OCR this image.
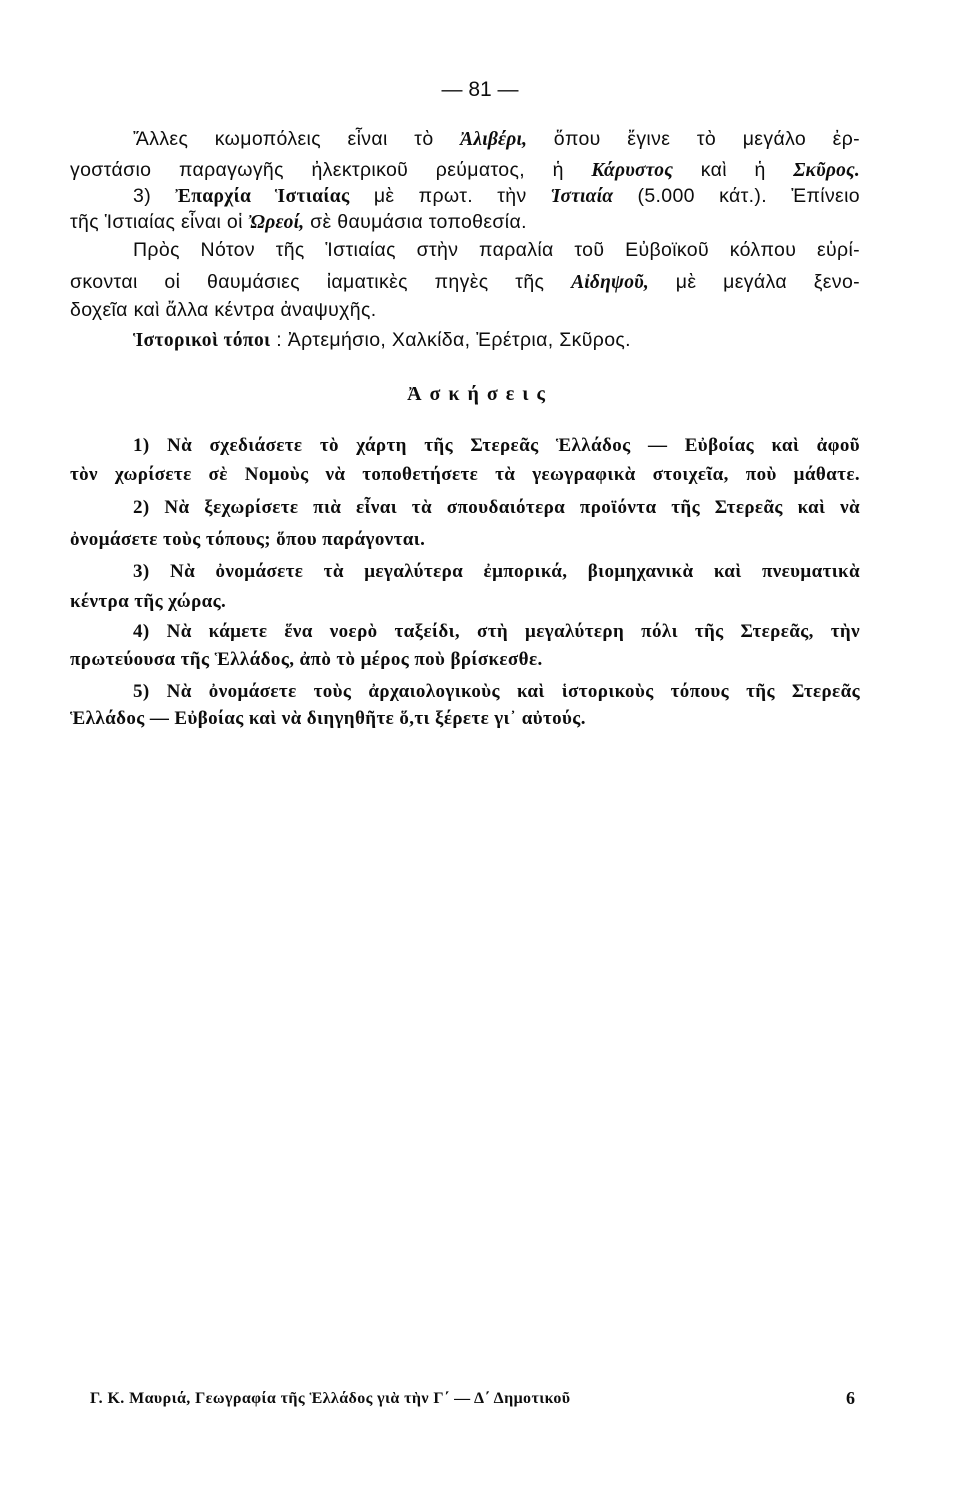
— 81 —
Ἄλλες κωμοπόλεις εἶναι τὸ Ἀλιβέρι, ὅπου ἔγινε τὸ μεγάλο ἐρ-
γοστάσιο παραγωγῆς ἠλεκτρικοῦ ρεύματος, ἡ Κάρυστος καὶ ἡ Σκῦρος.
3) Ἐπαρχία Ἱστιαίας μὲ πρωτ. τὴν Ἱστιαία (5.000 κάτ.). Ἐπίνειο
τῆς Ἱστιαίας εἶναι οἱ Ὠρεοί, σὲ θαυμάσια τοποθεσία.
Πρὸς Νότον τῆς Ἱστιαίας στὴν παραλία τοῦ Εὐβοϊκοῦ κόλπου εὑρί-
σκονται οἱ θαυμάσιες ἰαματικὲς πηγὲς τῆς Αἰδηψοῦ, μὲ μεγάλα ξενο-
δοχεῖα καὶ ἄλλα κέντρα ἀναψυχῆς.
Ἱστορικοὶ τόποι : Ἀρτεμήσιο, Χαλκίδα, Ἐρέτρια, Σκῦρος.
Ἀσκήσεις
1) Νὰ σχεδιάσετε τὸ χάρτη τῆς Στερεᾶς Ἑλλάδος — Εὐβοίας καὶ ἀφοῦ
τὸν χωρίσετε σὲ Νομοὺς νὰ τοποθετήσετε τὰ γεωγραφικὰ στοιχεῖα, ποὺ μάθατε.
2) Νὰ ξεχωρίσετε πιὰ εἶναι τὰ σπουδαιότερα προϊόντα τῆς Στερεᾶς καὶ νὰ
ὀνομάσετε τοὺς τόπους; ὅπου παράγονται.
3) Νὰ ὀνομάσετε τὰ μεγαλύτερα ἐμπορικά, βιομηχανικὰ καὶ πνευματικὰ
κέντρα τῆς χώρας.
4) Νὰ κάμετε ἕνα νοερὸ ταξείδι, στὴ μεγαλύτερη πόλι τῆς Στερεᾶς, τὴν
πρωτεύουσα τῆς Ἑλλάδος, ἀπὸ τὸ μέρος ποὺ βρίσκεσθε.
5) Νὰ ὀνομάσετε τοὺς ἀρχαιολογικοὺς καὶ ἱστορικοὺς τόπους τῆς Στερεᾶς
Ἑλλάδος — Εὐβοίας καὶ νὰ διηγηθῆτε ὅ,τι ξέρετε γι᾽ αὐτούς.
Γ. Κ. Μαυριά, Γεωγραφία τῆς Ἑλλάδος γιὰ τὴν Γ΄ — Δ΄ Δημοτικοῦ	6
